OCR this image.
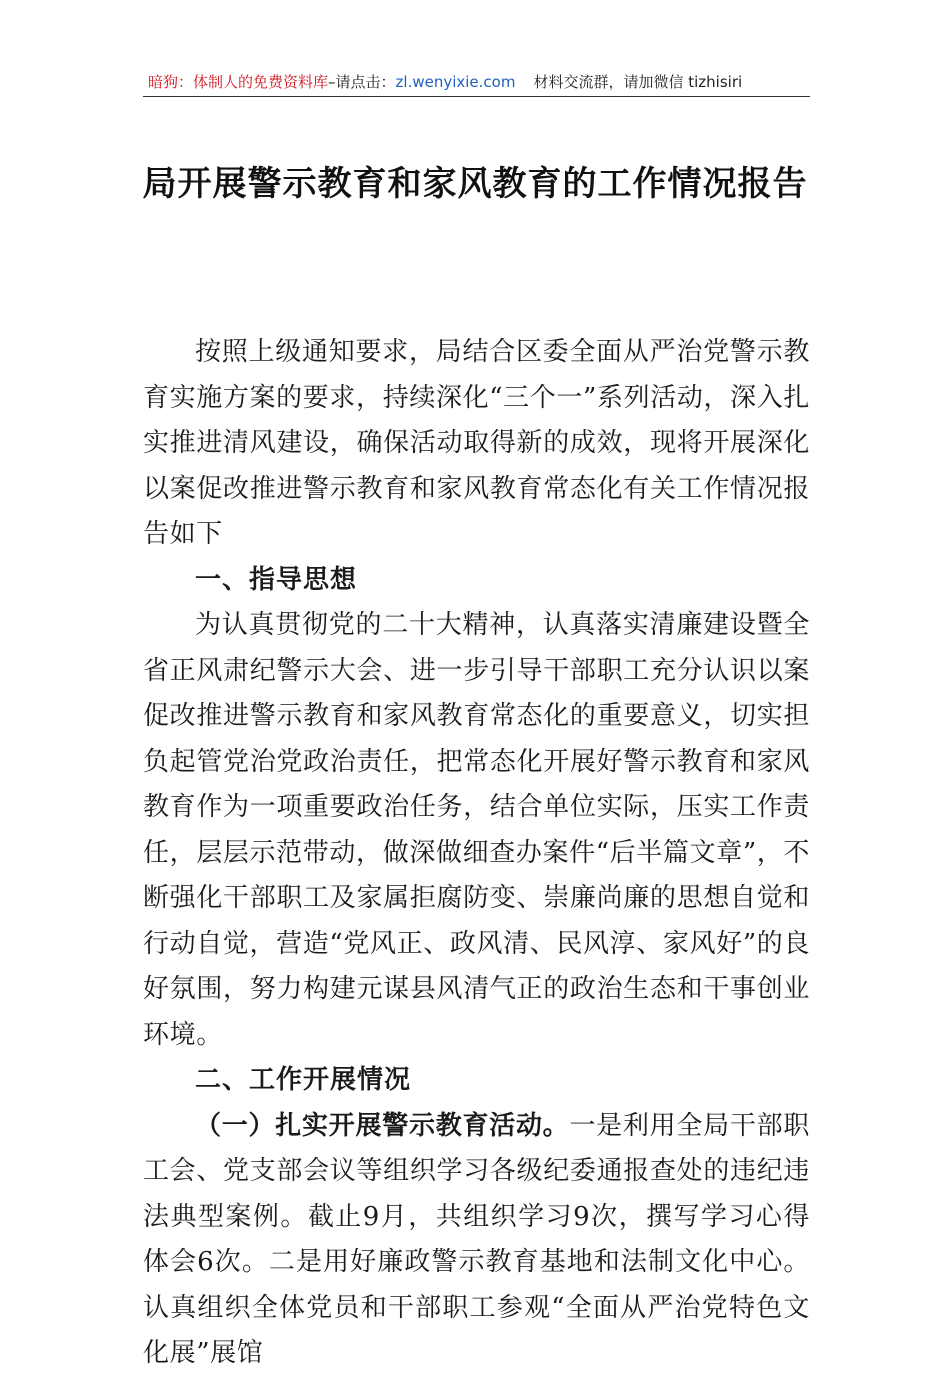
暗狗：体制人的免费资料库–请点击：zl.wenyixie.com 材料交流群，请加微信 tizhisiri
局开展警示教育和家风教育的工作情况报告

按照上级通知要求，局结合区委全面从严治党警示教育实施方案的要求，持续深化“三个一”系列活动，深入扎实推进清风建设，确保活动取得新的成效，现将开展深化以案促改推进警示教育和家风教育常态化有关工作情况报告如下

一、指导思想

为认真贯彻党的二十大精神，认真落实清廉建设暨全省正风肃纪警示大会、进一步引导干部职工充分认识以案促改推进警示教育和家风教育常态化的重要意义，切实担负起管党治党政治责任，把常态化开展好警示教育和家风教育作为一项重要政治任务，结合单位实际，压实工作责任，层层示范带动，做深做细查办案件“后半篇文章”，不断强化干部职工及家属拒腐防变、崇廉尚廉的思想自觉和行动自觉，营造“党风正、政风清、民风淳、家风好”的良好氛围，努力构建元谋县风清气正的政治生态和干事创业环境。

二、工作开展情况

（一）扎实开展警示教育活动。一是利用全局干部职工会、党支部会议等组织学习各级纪委通报查处的违纪违法典型案例。截止9月，共组织学习9次，撰写学习心得体会6次。二是用好廉政警示教育基地和法制文化中心。认真组织全体党员和干部职工参观“全面从严治党特色文化展”展馆
